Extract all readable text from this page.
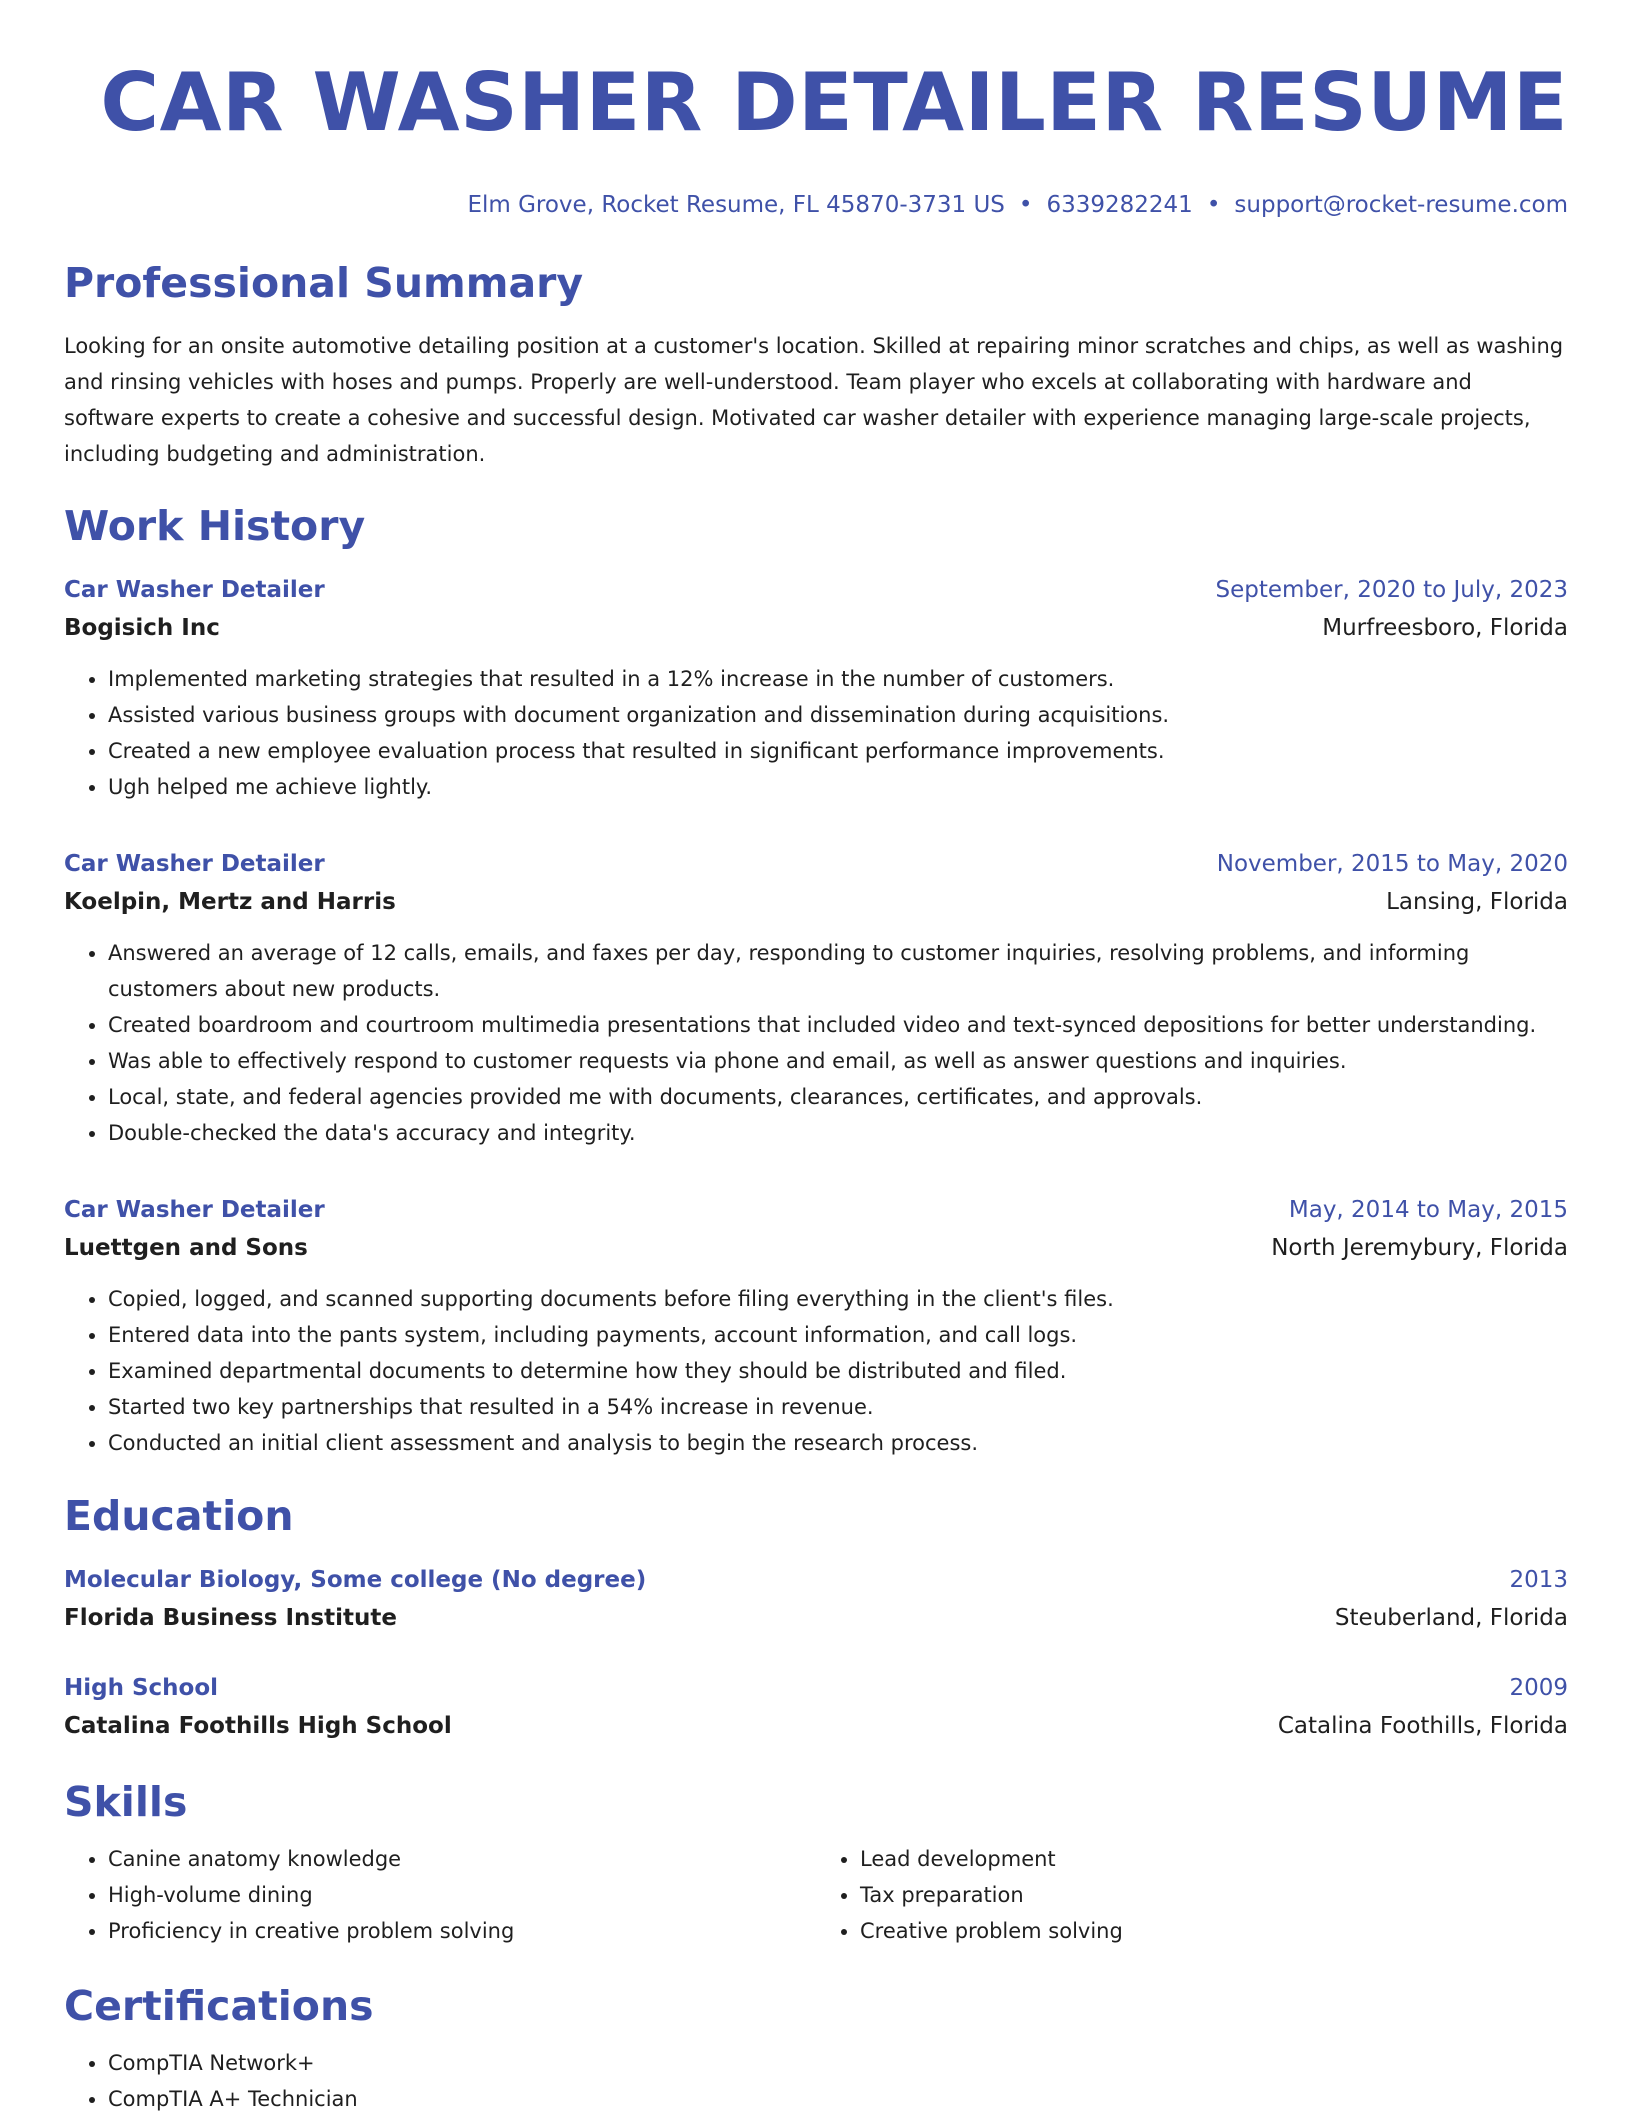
CAR WASHER DETAILER RESUME
Elm Grove, Rocket Resume, FL 45870-3731 US • 6339282241 • support@rocket-resume.com
Professional Summary
Looking for an onsite automotive detailing position at a customer's location. Skilled at repairing minor scratches and chips, as well as washing and rinsing vehicles with hoses and pumps. Properly are well-understood. Team player who excels at collaborating with hardware and software experts to create a cohesive and successful design. Motivated car washer detailer with experience managing large-scale projects, including budgeting and administration.
Work History
Car Washer Detailer	September, 2020 to July, 2023
Bogisich Inc	Murfreesboro, Florida
• Implemented marketing strategies that resulted in a 12% increase in the number of customers.
• Assisted various business groups with document organization and dissemination during acquisitions.
• Created a new employee evaluation process that resulted in significant performance improvements.
• Ugh helped me achieve lightly.
Car Washer Detailer	November, 2015 to May, 2020
Koelpin, Mertz and Harris	Lansing, Florida
• Answered an average of 12 calls, emails, and faxes per day, responding to customer inquiries, resolving problems, and informing customers about new products.
• Created boardroom and courtroom multimedia presentations that included video and text-synced depositions for better understanding.
• Was able to effectively respond to customer requests via phone and email, as well as answer questions and inquiries.
• Local, state, and federal agencies provided me with documents, clearances, certificates, and approvals.
• Double-checked the data's accuracy and integrity.
Car Washer Detailer	May, 2014 to May, 2015
Luettgen and Sons	North Jeremybury, Florida
• Copied, logged, and scanned supporting documents before filing everything in the client's files.
• Entered data into the pants system, including payments, account information, and call logs.
• Examined departmental documents to determine how they should be distributed and filed.
• Started two key partnerships that resulted in a 54% increase in revenue.
• Conducted an initial client assessment and analysis to begin the research process.
Education
Molecular Biology, Some college (No degree)	2013
Florida Business Institute	Steuberland, Florida
High School	2009
Catalina Foothills High School	Catalina Foothills, Florida
Skills
• Canine anatomy knowledge
• High-volume dining
• Proficiency in creative problem solving
• Lead development
• Tax preparation
• Creative problem solving
Certifications
• CompTIA Network+
• CompTIA A+ Technician
